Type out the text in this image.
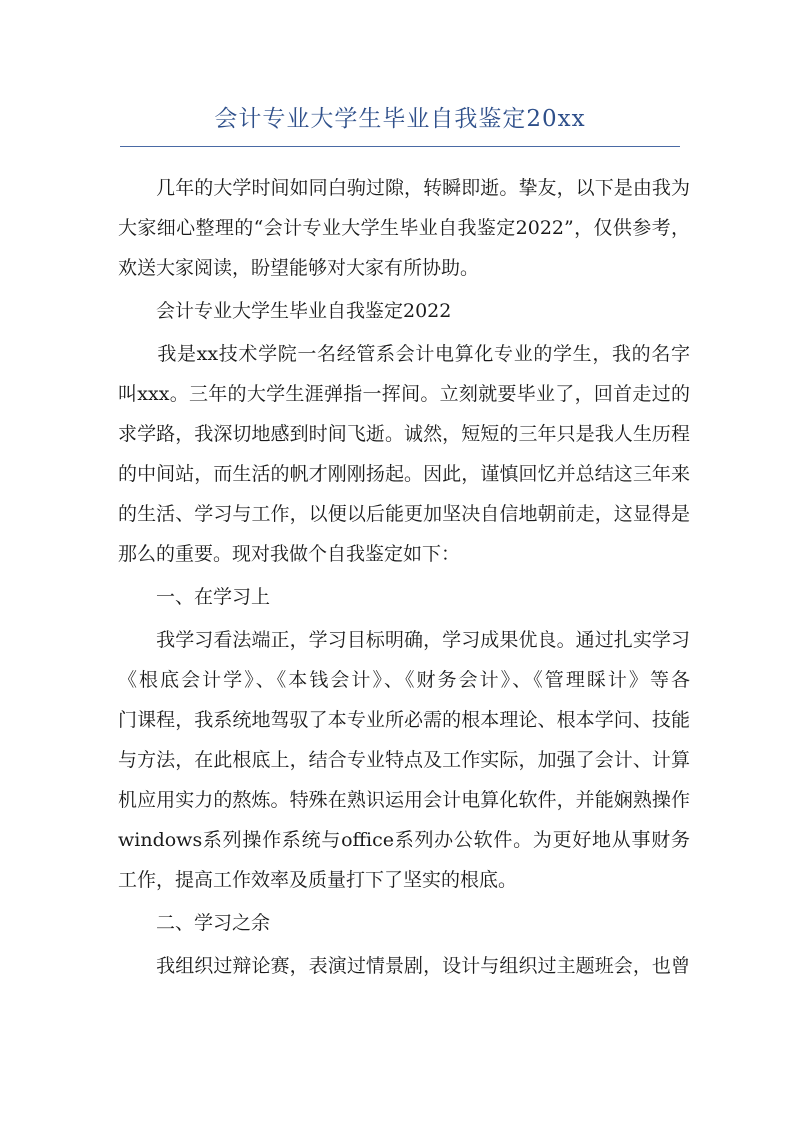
会计专业大学生毕业自我鉴定20xx
　　几年的大学时间如同白驹过隙，转瞬即逝。挚友，以下是由我为
大家细心整理的“会计专业大学生毕业自我鉴定2022”，仅供参考，
欢送大家阅读，盼望能够对大家有所协助。
　　会计专业大学生毕业自我鉴定2022
　　我是xx技术学院一名经管系会计电算化专业的学生，我的名字
叫xxx。三年的大学生涯弹指一挥间。立刻就要毕业了，回首走过的
求学路，我深切地感到时间飞逝。诚然，短短的三年只是我人生历程
的中间站，而生活的帆才刚刚扬起。因此，谨慎回忆并总结这三年来
的生活、学习与工作，以便以后能更加坚决自信地朝前走，这显得是
那么的重要。现对我做个自我鉴定如下：
　　一、在学习上
　　我学习看法端正，学习目标明确，学习成果优良。通过扎实学习
《根底会计学》、《本钱会计》、《财务会计》、《管理睬计》等各
门课程，我系统地驾驭了本专业所必需的根本理论、根本学问、技能
与方法，在此根底上，结合专业特点及工作实际，加强了会计、计算
机应用实力的熬炼。特殊在熟识运用会计电算化软件，并能娴熟操作
windows系列操作系统与office系列办公软件。为更好地从事财务
工作，提高工作效率及质量打下了坚实的根底。
　　二、学习之余
　　我组织过辩论赛，表演过情景剧，设计与组织过主题班会，也曾
